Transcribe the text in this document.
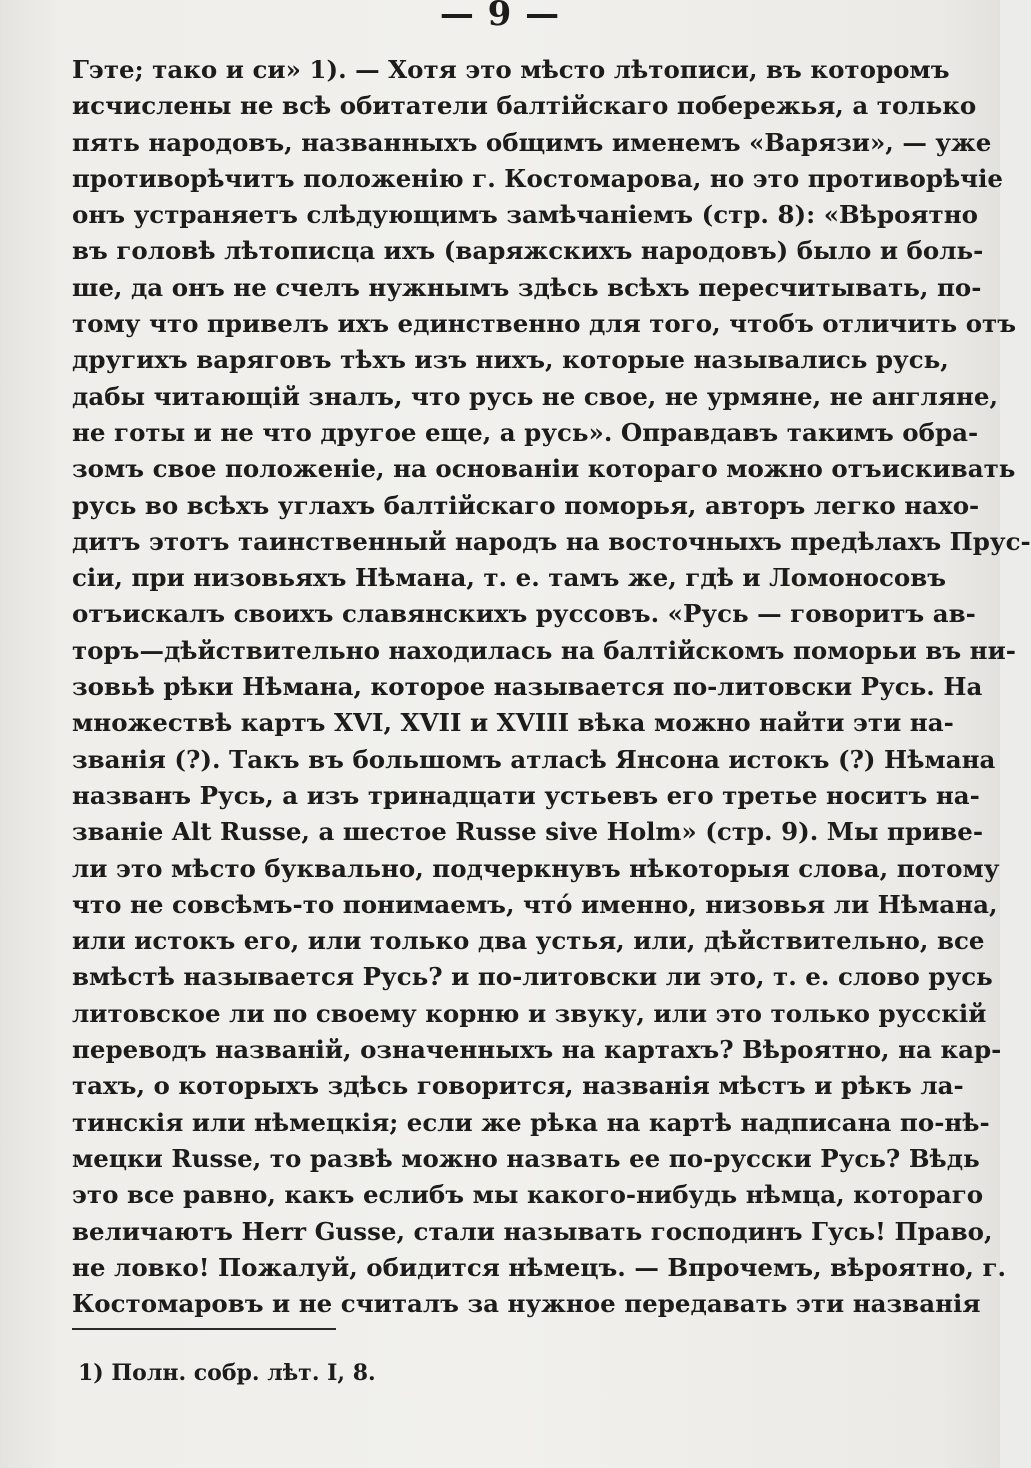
— 9 —
Гэте; тако и си» 1). — Хотя это мѣсто лѣтописи, въ которомъ
исчислены не всѣ обитатели балтійскаго побережья, а только
пять народовъ, названныхъ общимъ именемъ «Варязи», — уже
противорѣчитъ положенію г. Костомарова, но это противорѣчіе
онъ устраняетъ слѣдующимъ замѣчаніемъ (стр. 8): «Вѣроятно
въ головѣ лѣтописца ихъ (варяжскихъ народовъ) было и боль-
ше, да онъ не счелъ нужнымъ здѣсь всѣхъ пересчитывать, по-
тому что привелъ ихъ единственно для того, чтобъ отличить отъ
другихъ варяговъ тѣхъ изъ нихъ, которые назывались русь,
дабы читающій зналъ, что русь не свое, не урмяне, не англяне,
не готы и не что другое еще, а русь». Оправдавъ такимъ обра-
зомъ свое положеніе, на основаніи котораго можно отъискивать
русь во всѣхъ углахъ балтійскаго поморья, авторъ легко нахо-
дитъ этотъ таинственный народъ на восточныхъ предѣлахъ Прус-
сіи, при низовьяхъ Нѣмана, т. е. тамъ же, гдѣ и Ломоносовъ
отъискалъ своихъ славянскихъ руссовъ. «Русь — говоритъ ав-
торъ—дѣйствительно находилась на балтійскомъ поморьи въ ни-
зовьѣ рѣки Нѣмана, которое называется по-литовски Русь. На
множествѣ картъ XVI, XVII и XVIII вѣка можно найти эти на-
званія (?). Такъ въ большомъ атласѣ Янсона истокъ (?) Нѣмана
названъ Русь, а изъ тринадцати устьевъ его третье носитъ на-
званіе Alt Russe, а шестое Russe sive Holm» (стр. 9). Мы приве-
ли это мѣсто буквально, подчеркнувъ нѣкоторыя слова, потому
что не совсѣмъ-то понимаемъ, что́ именно, низовья ли Нѣмана,
или истокъ его, или только два устья, или, дѣйствительно, все
вмѣстѣ называется Русь? и по-литовски ли это, т. е. слово русь
литовское ли по своему корню и звуку, или это только русскій
переводъ названій, означенныхъ на картахъ? Вѣроятно, на кар-
тахъ, о которыхъ здѣсь говорится, названія мѣстъ и рѣкъ ла-
тинскія или нѣмецкія; если же рѣка на картѣ надписана по-нѣ-
мецки Russe, то развѣ можно назвать ее по-русски Русь? Вѣдь
это все равно, какъ еслибъ мы какого-нибудь нѣмца, котораго
величаютъ Herr Gusse, стали называть господинъ Гусь! Право,
не ловко! Пожалуй, обидится нѣмецъ. — Впрочемъ, вѣроятно, г.
Костомаровъ и не считалъ за нужное передавать эти названія
1) Полн. собр. лѣт. I, 8.
